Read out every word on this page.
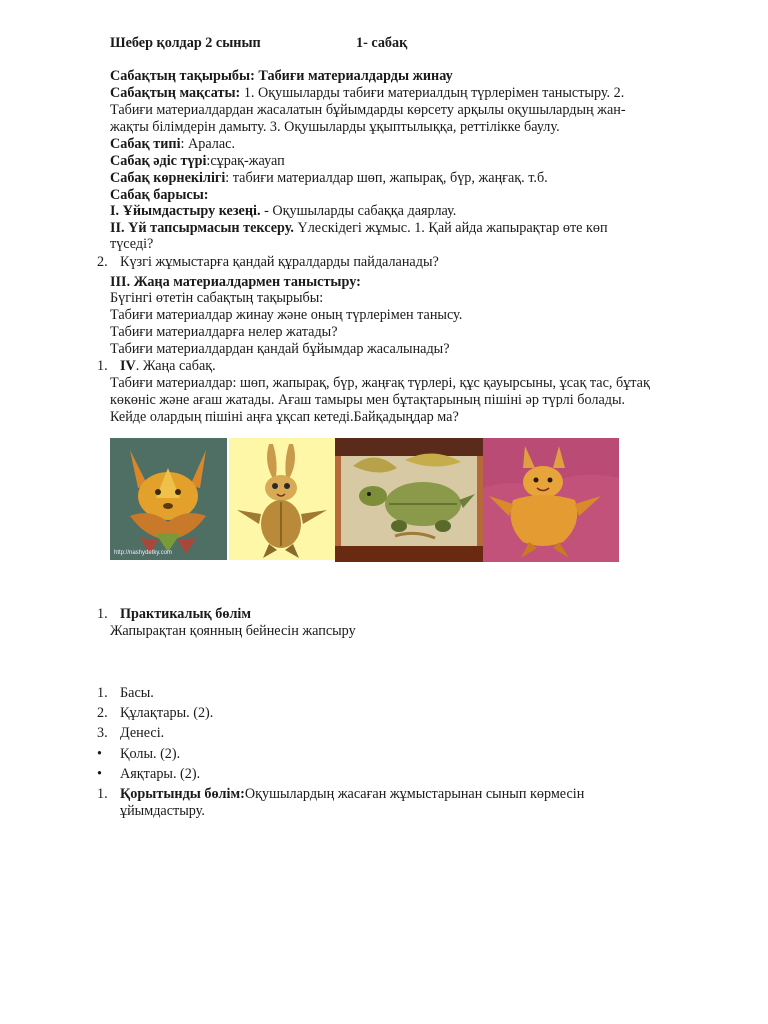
Шебер қолдар 2 сынып	1- сабақ
Сабақтың тақырыбы: Табиғи материалдарды жинау
Сабақтың мақсаты: 1. Оқушыларды табиғи материалдың түрлерімен таныстыру. 2.
Табиғи материалдардан жасалатын бұйымдарды көрсету арқылы оқушылардың жан-
жақты білімдерін дамыту. 3. Оқушыларды ұқыптылыққа, реттілікке баулу.
Сабақ типі: Аралас.
Сабақ әдіс түрі:сұрақ-жауап
Сабақ көрнекілігі: табиғи материалдар шөп, жапырақ, бүр, жаңғақ. т.б.
Сабақ барысы:
I. Ұйымдастыру кезеңі. - Оқушыларды сабаққа даярлау.
II. Үй тапсырмасын тексеру. Үлескідегі жұмыс. 1. Қай айда жапырақтар өте көп
түседі?
2. Күзгі жұмыстарға қандай құралдарды пайдаланады?
III. Жаңа материалдармен таныстыру:
Бүгінгі өтетін сабақтың тақырыбы:
Табиғи материалдар жинау және оның түрлерімен танысу.
Табиғи материалдарға нелер жатады?
Табиғи материалдардан қандай бұйымдар жасалынады?
1. IV. Жаңа сабақ.
Табиғи материалдар: шөп, жапырақ, бүр, жаңғақ түрлері, құс қауырсыны, ұсақ тас, бұтақ
көкөніс және ағаш жатады. Ағаш тамыры мен бұтақтарының пішіні әр түрлі болады.
Кейде олардың пішіні аңға ұқсап кетеді.Байқадыңдар ма?
http://nashydetky.com
1. Практикалық бөлім
Жапырақтан қоянның бейнесін жапсыру
1. Басы.
2. Құлақтары. (2).
3. Денесі.
• Қолы. (2).
• Аяқтары. (2).
1. Қорытынды бөлім:Оқушылардың жасаған жұмыстарынан сынып көрмесін
ұйымдастыру.
